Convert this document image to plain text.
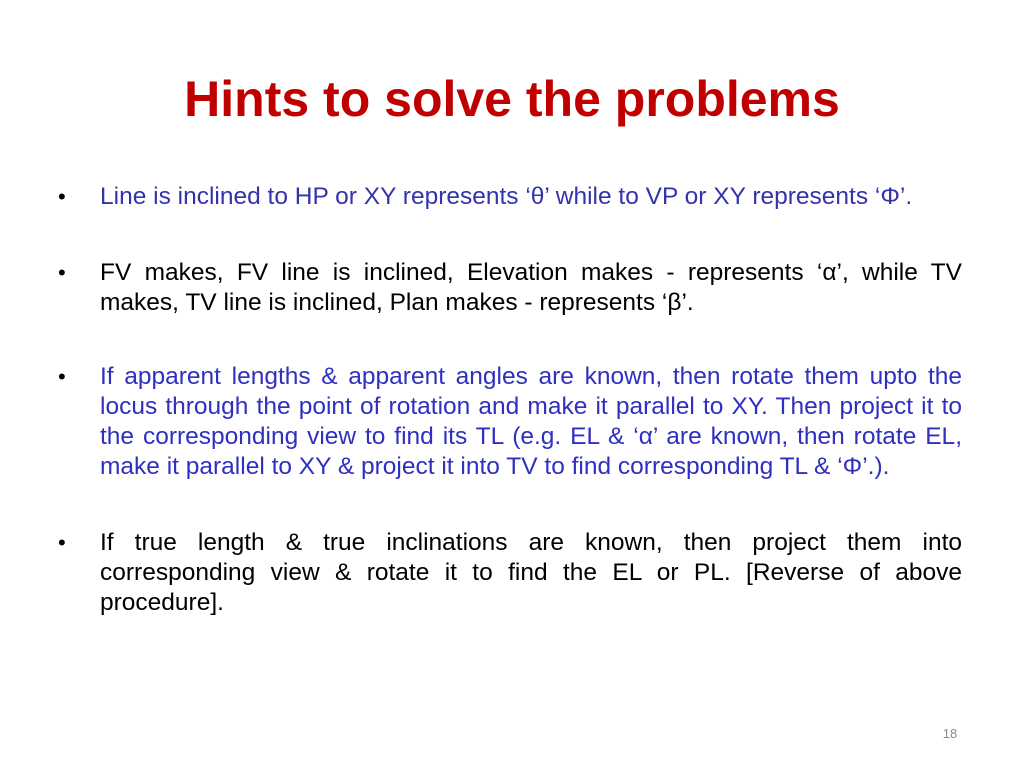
Hints to solve the problems
• Line is inclined to HP or XY represents ‘θ’ while to VP or XY represents ‘Φ’.
• FV makes, FV line is inclined, Elevation makes - represents ‘α’, while TV makes, TV line is inclined, Plan makes - represents ‘β’.
• If apparent lengths & apparent angles are known, then rotate them upto the locus through the point of rotation and make it parallel to XY. Then project it to the corresponding view to find its TL (e.g. EL & ‘α’ are known, then rotate EL, make it parallel to XY & project it into TV to find corresponding TL & ‘Φ’.).
• If true length & true inclinations are known, then project them into corresponding view & rotate it to find the EL or PL. [Reverse of above procedure].
18
